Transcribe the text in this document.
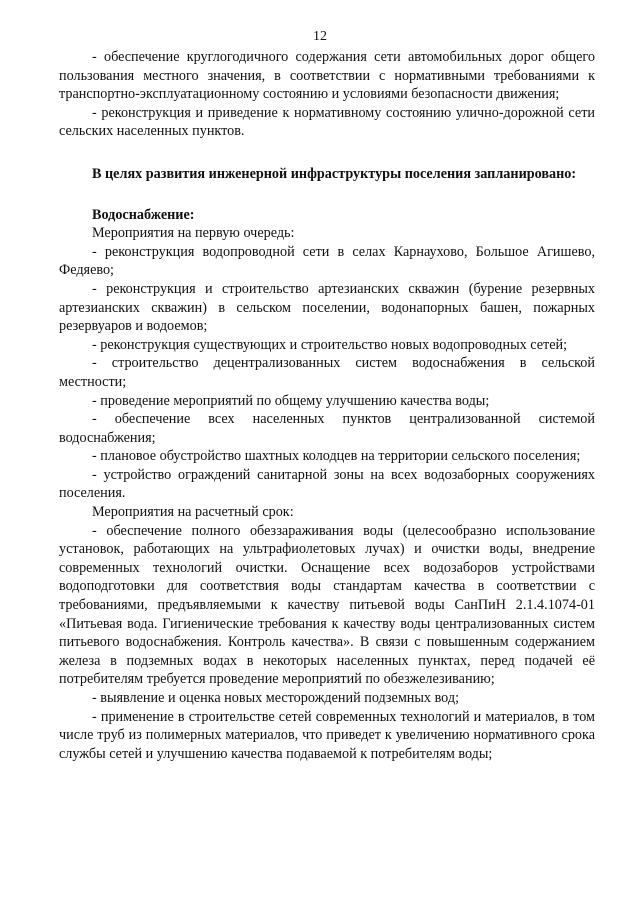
12

- обеспечение круглогодичного содержания сети автомобильных дорог общего пользования местного значения, в соответствии с нормативными требованиями к транспортно-эксплуатационному состоянию и условиями безопасности движения;

- реконструкция и приведение к нормативному состоянию улично-дорожной сети сельских населенных пунктов.

В целях развития инженерной инфраструктуры поселения запланировано:

Водоснабжение:

Мероприятия на первую очередь:

- реконструкция водопроводной сети в селах Карнаухово, Большое Агишево, Федяево;

- реконструкция и строительство артезианских скважин (бурение резервных артезианских скважин) в сельском поселении, водонапорных башен, пожарных резервуаров и водоемов;

- реконструкция существующих и строительство новых водопроводных сетей;

- строительство децентрализованных систем водоснабжения в сельской местности;

- проведение мероприятий по общему улучшению качества воды;

- обеспечение всех населенных пунктов централизованной системой водоснабжения;

- плановое обустройство шахтных колодцев на территории сельского поселения;

- устройство ограждений санитарной зоны на всех водозаборных сооружениях поселения.

Мероприятия на расчетный срок:

- обеспечение полного обеззараживания воды (целесообразно использование установок, работающих на ультрафиолетовых лучах) и очистки воды, внедрение современных технологий очистки. Оснащение всех водозаборов устройствами водоподготовки для соответствия воды стандартам качества в соответствии с требованиями, предъявляемыми к качеству питьевой воды СанПиН 2.1.4.1074-01 «Питьевая вода. Гигиенические требования к качеству воды централизованных систем питьевого водоснабжения. Контроль качества». В связи с повышенным содержанием железа в подземных водах в некоторых населенных пунктах, перед подачей её потребителям требуется проведение мероприятий по обезжелезиванию;

- выявление и оценка новых месторождений подземных вод;

- применение в строительстве сетей современных технологий и материалов, в том числе труб из полимерных материалов, что приведет к увеличению нормативного срока службы сетей и улучшению качества подаваемой к потребителям воды;
